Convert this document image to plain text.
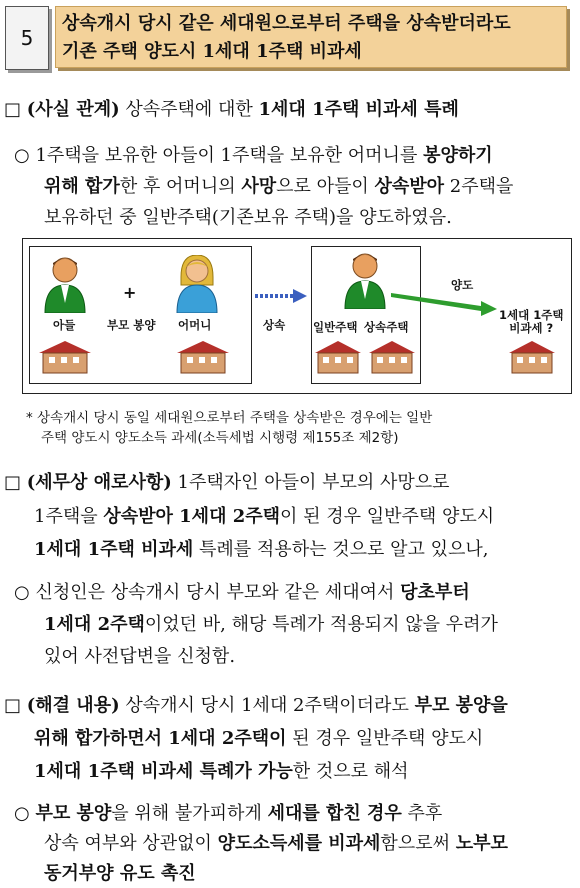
5
상속개시 당시 같은 세대원으로부터 주택을 상속받더라도
기존 주택 양도시 1세대 1주택 비과세
□ (사실 관계) 상속주택에 대한 1세대 1주택 비과세 특례
○ 1주택을 보유한 아들이 1주택을 보유한 어머니를 봉양하기
위해 합가한 후 어머니의 사망으로 아들이 상속받아 2주택을
보유하던 중 일반주택(기존보유 주택)을 양도하였음.
아들
+
부모 봉양 어머니	상속 일반주택 상속주택
양도
1세대 1주택
비과세 ?
* 상속개시 당시 동일 세대원으로부터 주택을 상속받은 경우에는 일반
주택 양도시 양도소득 과세(소득세법 시행령 제155조 제2항)
□ (세무상 애로사항) 1주택자인 아들이 부모의 사망으로
1주택을 상속받아 1세대 2주택이 된 경우 일반주택 양도시
1세대 1주택 비과세 특례를 적용하는 것으로 알고 있으나,
○ 신청인은 상속개시 당시 부모와 같은 세대여서 당초부터
1세대 2주택이었던 바, 해당 특례가 적용되지 않을 우려가
있어 사전답변을 신청함.
□ (해결 내용) 상속개시 당시 1세대 2주택이더라도 부모 봉양을
위해 합가하면서 1세대 2주택이 된 경우 일반주택 양도시
1세대 1주택 비과세 특례가 가능한 것으로 해석
○ 부모 봉양을 위해 불가피하게 세대를 합친 경우 추후
상속 여부와 상관없이 양도소득세를 비과세함으로써 노부모
동거부양 유도 촉진
